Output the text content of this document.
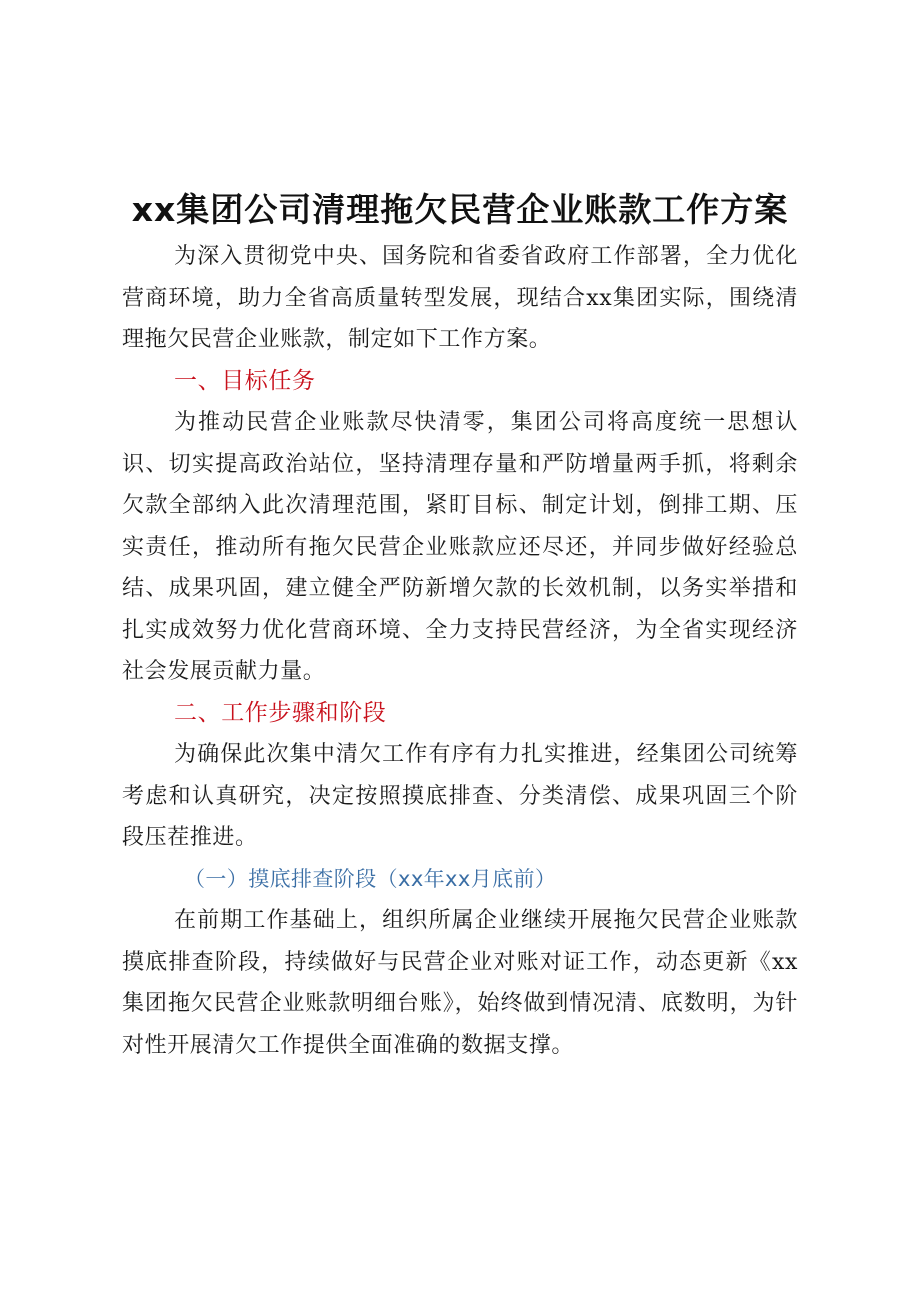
xx集团公司清理拖欠民营企业账款工作方案

为深入贯彻党中央、国务院和省委省政府工作部署，全力优化营商环境，助力全省高质量转型发展，现结合xx集团实际，围绕清理拖欠民营企业账款，制定如下工作方案。

一、目标任务

为推动民营企业账款尽快清零，集团公司将高度统一思想认识、切实提高政治站位，坚持清理存量和严防增量两手抓，将剩余欠款全部纳入此次清理范围，紧盯目标、制定计划，倒排工期、压实责任，推动所有拖欠民营企业账款应还尽还，并同步做好经验总结、成果巩固，建立健全严防新增欠款的长效机制，以务实举措和扎实成效努力优化营商环境、全力支持民营经济，为全省实现经济社会发展贡献力量。

二、工作步骤和阶段

为确保此次集中清欠工作有序有力扎实推进，经集团公司统筹考虑和认真研究，决定按照摸底排查、分类清偿、成果巩固三个阶段压茬推进。

（一）摸底排查阶段（xx年xx月底前）

在前期工作基础上，组织所属企业继续开展拖欠民营企业账款摸底排查阶段，持续做好与民营企业对账对证工作，动态更新《xx集团拖欠民营企业账款明细台账》，始终做到情况清、底数明，为针对性开展清欠工作提供全面准确的数据支撑。
